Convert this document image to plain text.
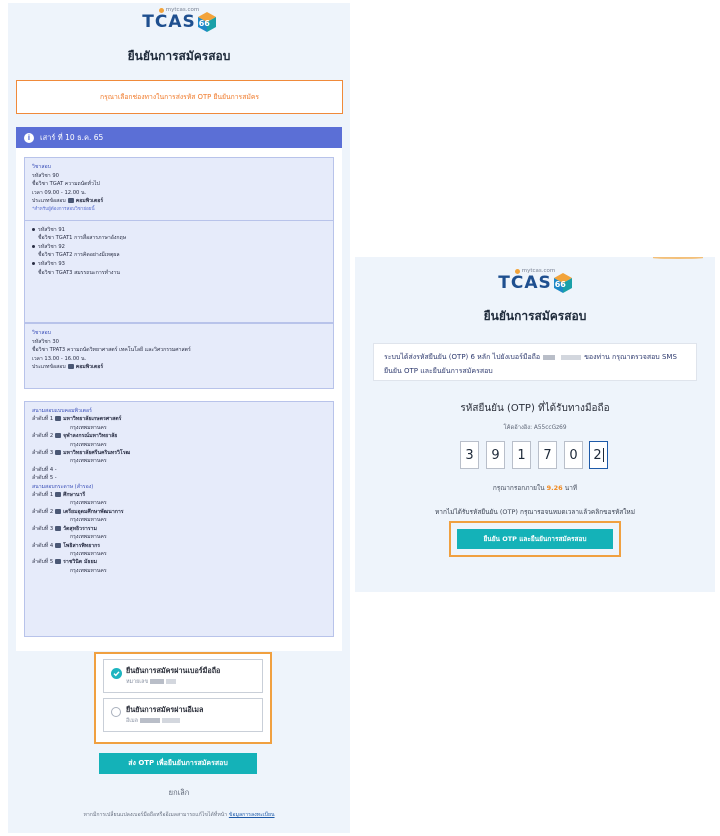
mytcas.com
TCAS 66
ยืนยันการสมัครสอบ
กรุณาเลือกช่องทางในการส่งรหัส OTP ยืนยันการสมัคร
i	เสาร์ ที่ 10 ธ.ค. 65
วิชาสอบ
รหัสวิชา 90
ชื่อวิชา TGAT ความถนัดทั่วไป
เวลา 09.00 - 12.00 น.
ประเภทข้อสอบ คอมพิวเตอร์
*สำหรับผู้ต้องการสอบวิชาย่อยนี้
รหัสวิชา 91
ชื่อวิชา TGAT1 การสื่อสารภาษาอังกฤษ
รหัสวิชา 92
ชื่อวิชา TGAT2 การคิดอย่างมีเหตุผล
รหัสวิชา 93
ชื่อวิชา TGAT3 สมรรถนะการทำงาน
วิชาสอบ
รหัสวิชา 30
ชื่อวิชา TPAT3 ความถนัดวิทยาศาสตร์ เทคโนโลยี และวิศวกรรมศาสตร์
เวลา 13.00 - 16.00 น.
ประเภทข้อสอบ คอมพิวเตอร์
สนามสอบแบบคอมพิวเตอร์
ลำดับที่ 1 มหาวิทยาลัยเกษตรศาสตร์
กรุงเทพมหานคร
ลำดับที่ 2 จุฬาลงกรณ์มหาวิทยาลัย
กรุงเทพมหานคร
ลำดับที่ 3 มหาวิทยาลัยศรีนครินทรวิโรฒ
กรุงเทพมหานคร
ลำดับที่ 4 -
ลำดับที่ 5 -
สนามสอบกระดาษ (สำรอง)
ลำดับที่ 1 ศึกษานารี
กรุงเทพมหานคร
ลำดับที่ 2 เตรียมอุดมศึกษาพัฒนาการ
กรุงเทพมหานคร
ลำดับที่ 3 วัดสุทธิวราราม
กรุงเทพมหานคร
ลำดับที่ 4 โพธิสารพิทยากร
กรุงเทพมหานคร
ลำดับที่ 5 ราชวินิต มัธยม
กรุงเทพมหานคร
ยืนยันการสมัครผ่านเบอร์มือถือ
หมายเลข
ยืนยันการสมัครผ่านอีเมล
อีเมล
ส่ง OTP เพื่อยืนยันการสมัครสอบ
ยกเลิก
หากมีการเปลี่ยนแปลงเบอร์มือถือหรืออีเมลสามารถแก้ไขได้ที่หน้า ข้อมูลการลงทะเบียน
mytcas.com
TCAS 66
ยืนยันการสมัครสอบ
ระบบได้ส่งรหัสยืนยัน (OTP) 6 หลัก ไปยังเบอร์มือถือ	ของท่าน กรุณาตรวจสอบ SMS
ยืนยัน OTP และยืนยันการสมัครสอบ
รหัสยืนยัน (OTP) ที่ได้รับทางมือถือ
โค้ดอ้างอิง: A55ccGz69
3	9	1	7	0	2
กรุณากรอกภายใน 9.26 นาที
หากไม่ได้รับรหัสยืนยัน (OTP) กรุณารอจนหมดเวลาแล้วคลิกขอรหัสใหม่
ยืนยัน OTP และยืนยันการสมัครสอบ
